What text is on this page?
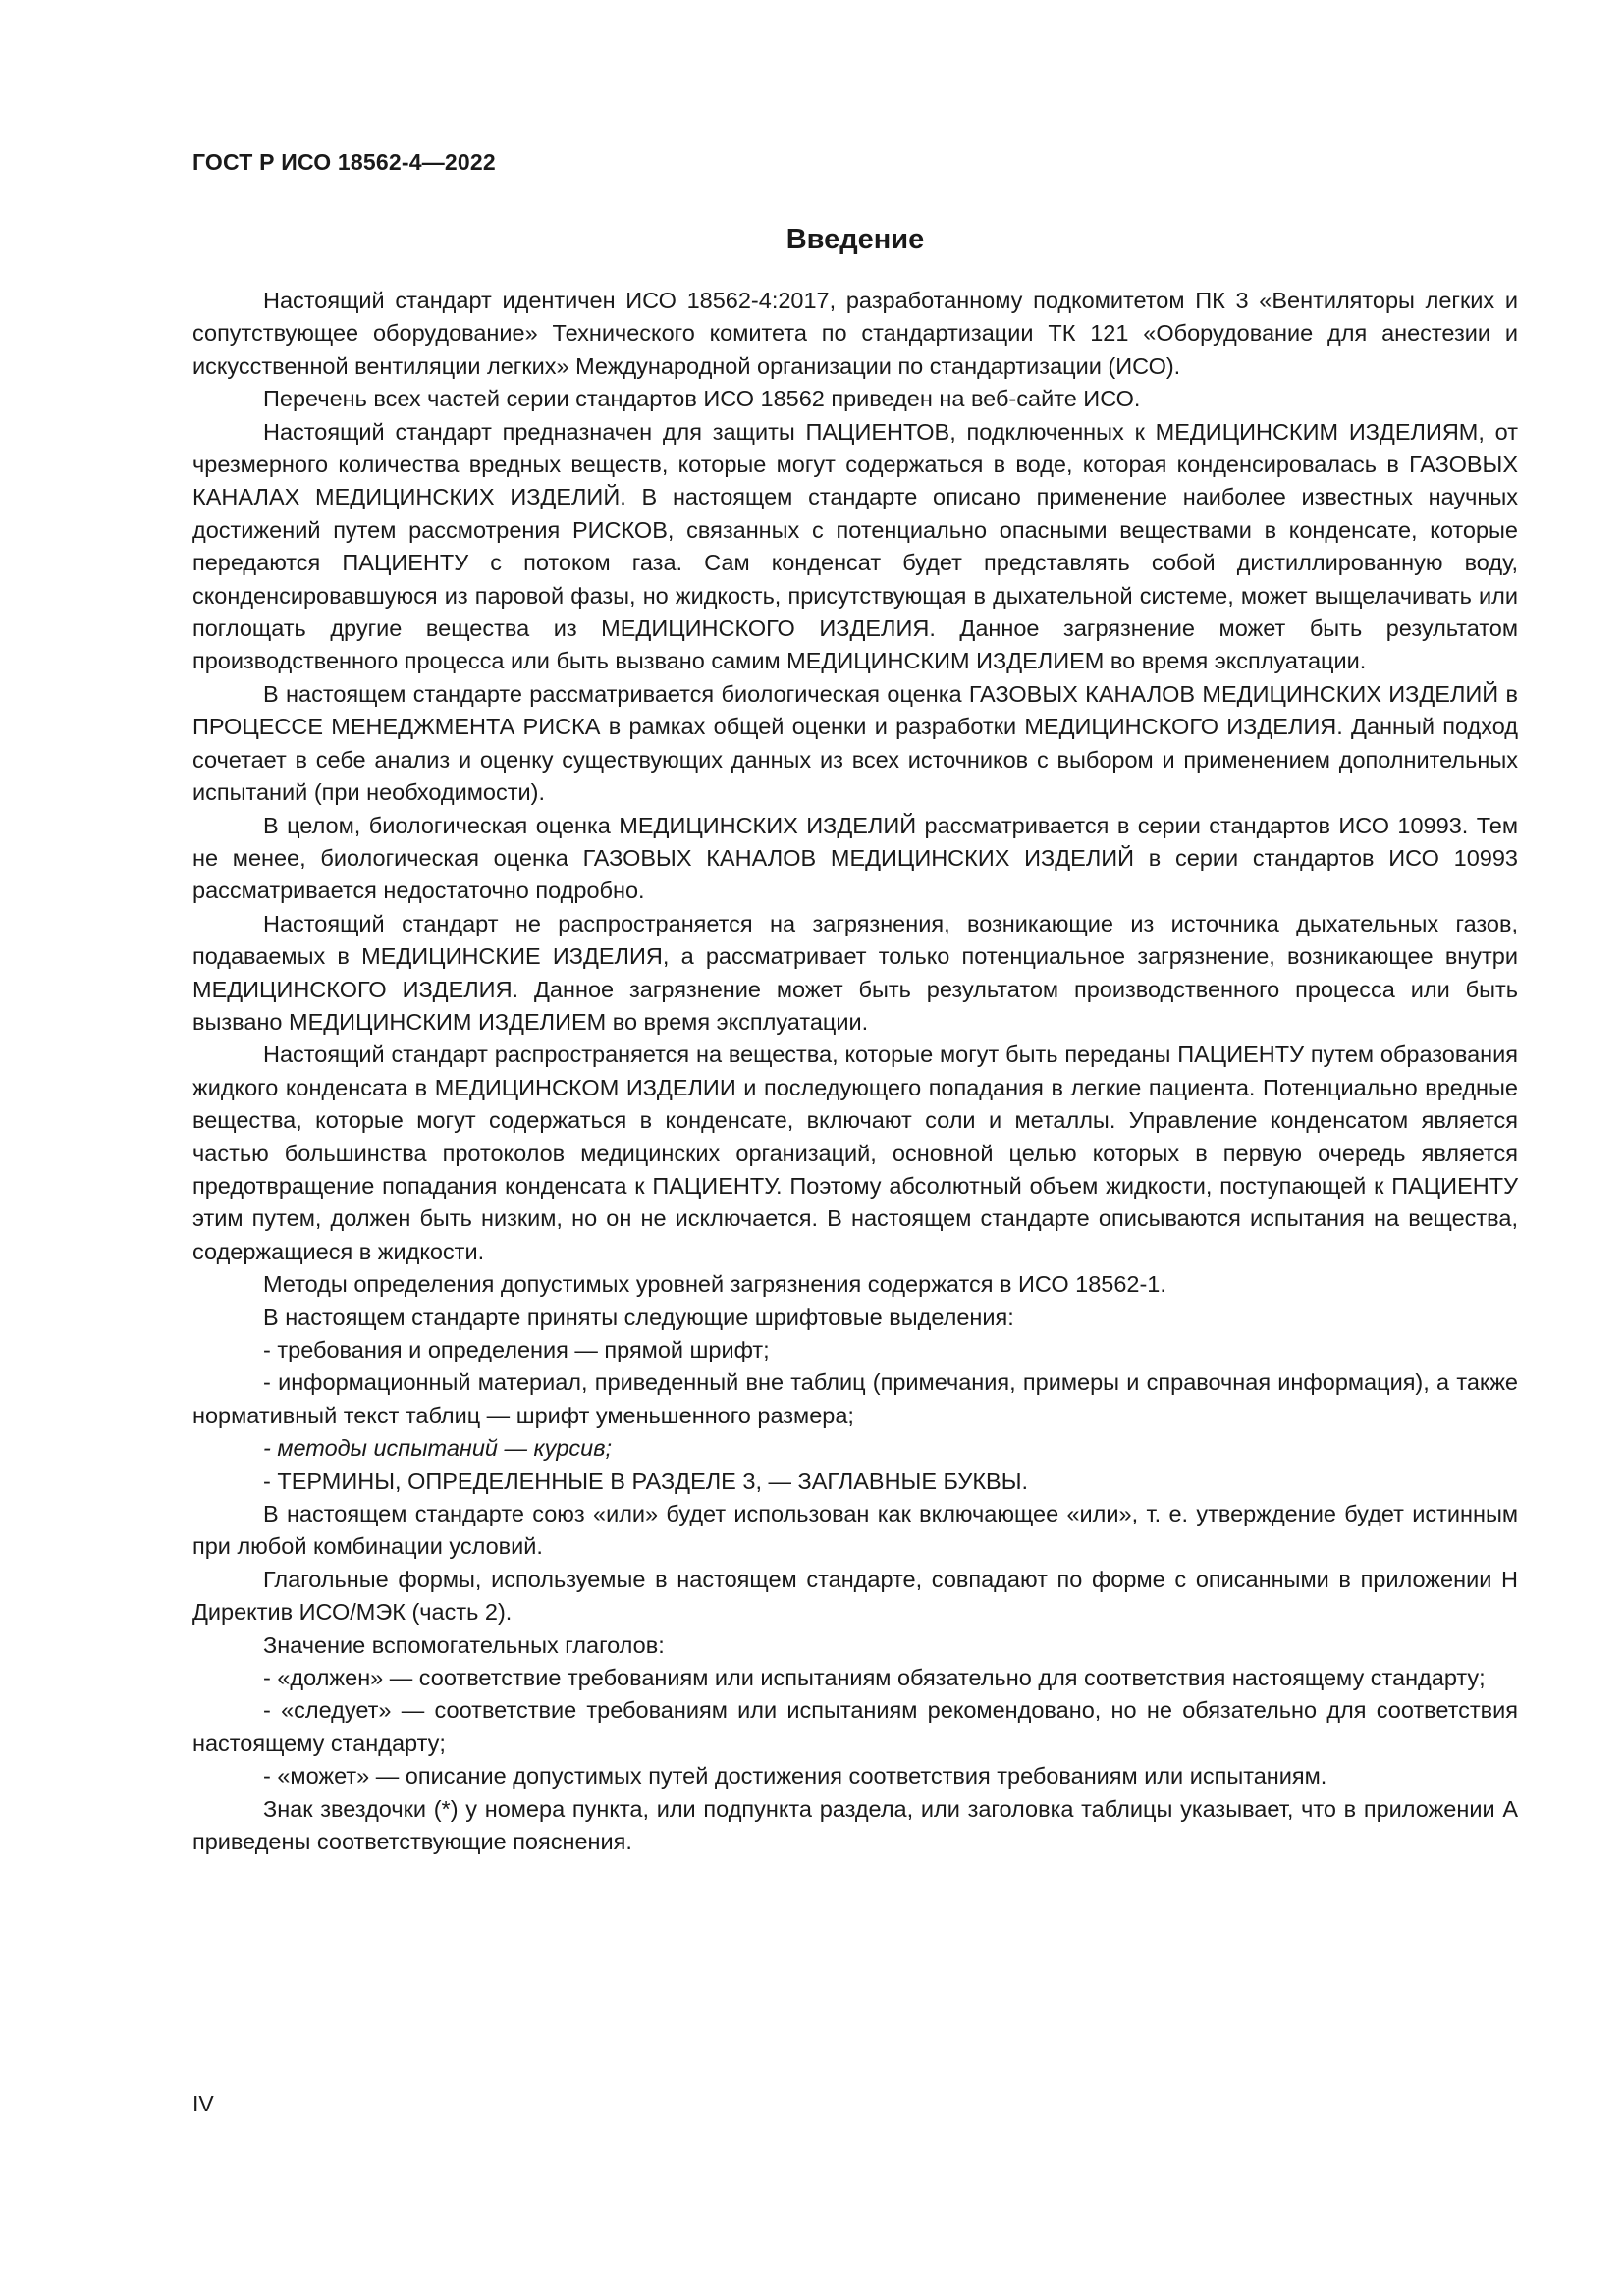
ГОСТ Р ИСО 18562-4—2022
Введение

Настоящий стандарт идентичен ИСО 18562-4:2017, разработанному подкомитетом ПК 3 «Вентиляторы легких и сопутствующее оборудование» Технического комитета по стандартизации ТК 121 «Оборудование для анестезии и искусственной вентиляции легких» Международной организации по стандартизации (ИСО).

Перечень всех частей серии стандартов ИСО 18562 приведен на веб-сайте ИСО.

Настоящий стандарт предназначен для защиты ПАЦИЕНТОВ, подключенных к МЕДИЦИНСКИМ ИЗДЕЛИЯМ, от чрезмерного количества вредных веществ, которые могут содержаться в воде, которая конденсировалась в ГАЗОВЫХ КАНАЛАХ МЕДИЦИНСКИХ ИЗДЕЛИЙ. В настоящем стандарте описано применение наиболее известных научных достижений путем рассмотрения РИСКОВ, связанных с потенциально опасными веществами в конденсате, которые передаются ПАЦИЕНТУ с потоком газа. Сам конденсат будет представлять собой дистиллированную воду, сконденсировавшуюся из паровой фазы, но жидкость, присутствующая в дыхательной системе, может выщелачивать или поглощать другие вещества из МЕДИЦИНСКОГО ИЗДЕЛИЯ. Данное загрязнение может быть результатом производственного процесса или быть вызвано самим МЕДИЦИНСКИМ ИЗДЕЛИЕМ во время эксплуатации.

В настоящем стандарте рассматривается биологическая оценка ГАЗОВЫХ КАНАЛОВ МЕДИЦИНСКИХ ИЗДЕЛИЙ в ПРОЦЕССЕ МЕНЕДЖМЕНТА РИСКА в рамках общей оценки и разработки МЕДИЦИНСКОГО ИЗДЕЛИЯ. Данный подход сочетает в себе анализ и оценку существующих данных из всех источников с выбором и применением дополнительных испытаний (при необходимости).

В целом, биологическая оценка МЕДИЦИНСКИХ ИЗДЕЛИЙ рассматривается в серии стандартов ИСО 10993. Тем не менее, биологическая оценка ГАЗОВЫХ КАНАЛОВ МЕДИЦИНСКИХ ИЗДЕЛИЙ в серии стандартов ИСО 10993 рассматривается недостаточно подробно.

Настоящий стандарт не распространяется на загрязнения, возникающие из источника дыхательных газов, подаваемых в МЕДИЦИНСКИЕ ИЗДЕЛИЯ, а рассматривает только потенциальное загрязнение, возникающее внутри МЕДИЦИНСКОГО ИЗДЕЛИЯ. Данное загрязнение может быть результатом производственного процесса или быть вызвано МЕДИЦИНСКИМ ИЗДЕЛИЕМ во время эксплуатации.

Настоящий стандарт распространяется на вещества, которые могут быть переданы ПАЦИЕНТУ путем образования жидкого конденсата в МЕДИЦИНСКОМ ИЗДЕЛИИ и последующего попадания в легкие пациента. Потенциально вредные вещества, которые могут содержаться в конденсате, включают соли и металлы. Управление конденсатом является частью большинства протоколов медицинских организаций, основной целью которых в первую очередь является предотвращение попадания конденсата к ПАЦИЕНТУ. Поэтому абсолютный объем жидкости, поступающей к ПАЦИЕНТУ этим путем, должен быть низким, но он не исключается. В настоящем стандарте описываются испытания на вещества, содержащиеся в жидкости.

Методы определения допустимых уровней загрязнения содержатся в ИСО 18562-1.

В настоящем стандарте приняты следующие шрифтовые выделения:

- требования и определения — прямой шрифт;

- информационный материал, приведенный вне таблиц (примечания, примеры и справочная информация), а также нормативный текст таблиц — шрифт уменьшенного размера;

- методы испытаний — курсив;

- ТЕРМИНЫ, ОПРЕДЕЛЕННЫЕ В РАЗДЕЛЕ 3, — ЗАГЛАВНЫЕ БУКВЫ.

В настоящем стандарте союз «или» будет использован как включающее «или», т. е. утверждение будет истинным при любой комбинации условий.

Глагольные формы, используемые в настоящем стандарте, совпадают по форме с описанными в приложении Н Директив ИСО/МЭК (часть 2).

Значение вспомогательных глаголов:

- «должен» — соответствие требованиям или испытаниям обязательно для соответствия настоящему стандарту;

- «следует» — соответствие требованиям или испытаниям рекомендовано, но не обязательно для соответствия настоящему стандарту;

- «может» — описание допустимых путей достижения соответствия требованиям или испытаниям.

Знак звездочки (*) у номера пункта, или подпункта раздела, или заголовка таблицы указывает, что в приложении А приведены соответствующие пояснения.

IV
